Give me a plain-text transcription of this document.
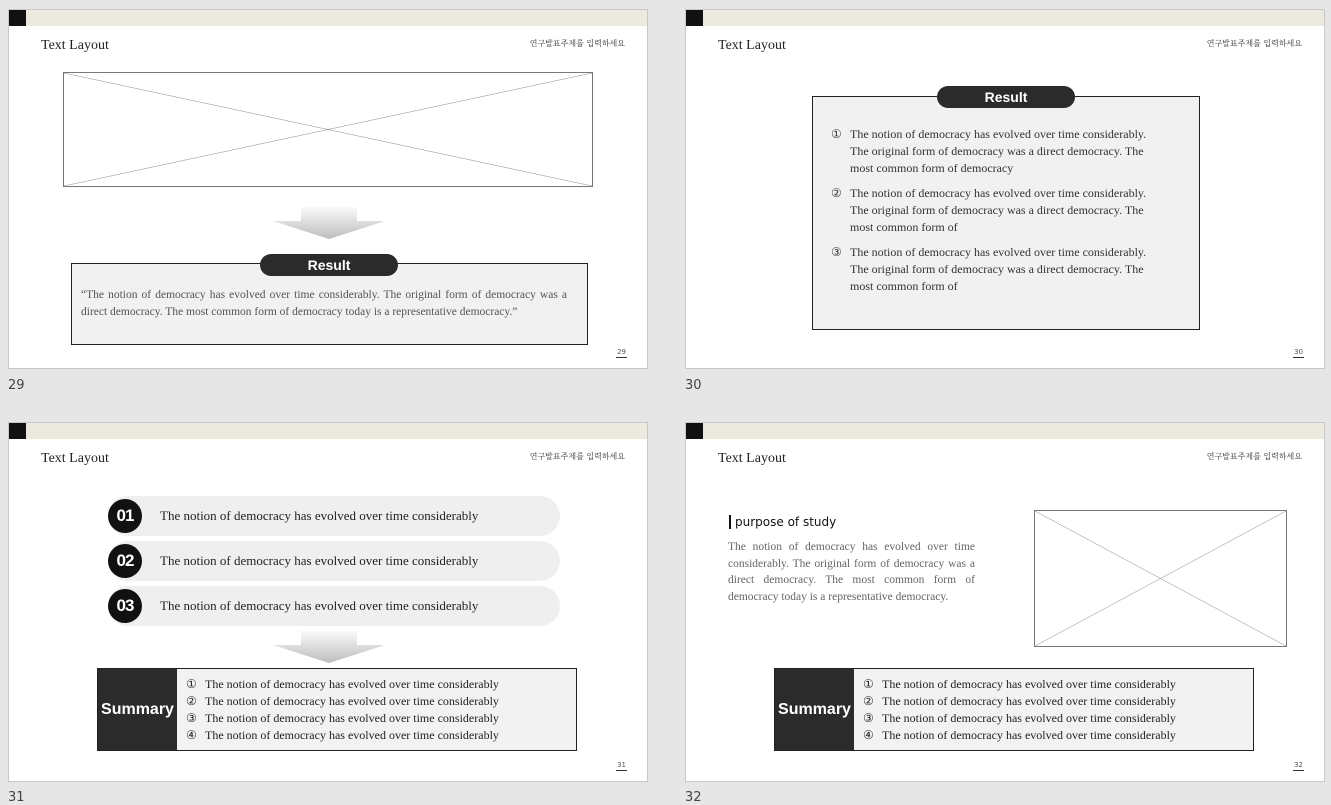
Text Layout	연구발표주제를 입력하세요
Result
“The notion of democracy has evolved over time considerably. The original form of democracy was a direct democracy. The most common form of democracy today is a representative democracy.”
29
29
Text Layout	연구발표주제를 입력하세요
Result
① The notion of democracy has evolved over time considerably. The original form of democracy was a direct democracy. The most common form of democracy
② The notion of democracy has evolved over time considerably. The original form of democracy was a direct democracy. The most common form of
③ The notion of democracy has evolved over time considerably. The original form of democracy was a direct democracy. The most common form of
30
30
Text Layout	연구발표주제를 입력하세요
01	The notion of democracy has evolved over time considerably
02	The notion of democracy has evolved over time considerably
03	The notion of democracy has evolved over time considerably
Summary
① The notion of democracy has evolved over time considerably
② The notion of democracy has evolved over time considerably
③ The notion of democracy has evolved over time considerably
④ The notion of democracy has evolved over time considerably
31
31
Text Layout	연구발표주제를 입력하세요
purpose of study
The notion of democracy has evolved over time considerably. The original form of democracy was a direct democracy. The most common form of democracy today is a representative democracy.
Summary
① The notion of democracy has evolved over time considerably
② The notion of democracy has evolved over time considerably
③ The notion of democracy has evolved over time considerably
④ The notion of democracy has evolved over time considerably
32
32
